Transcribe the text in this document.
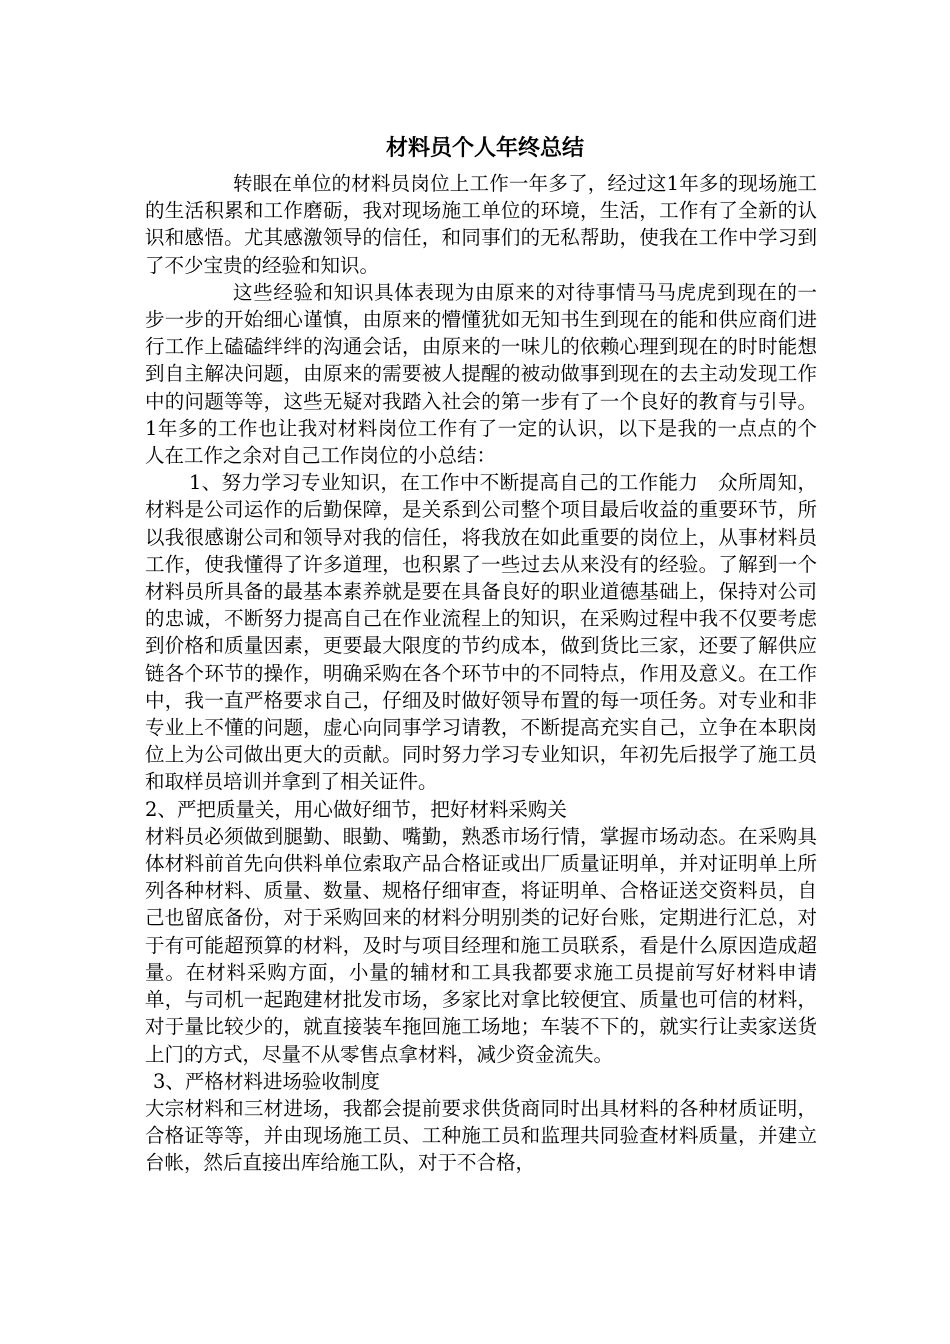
材料员个人年终总结

转眼在单位的材料员岗位上工作一年多了，经过这1年多的现场施工的生活积累和工作磨砺，我对现场施工单位的环境，生活，工作有了全新的认识和感悟。尤其感激领导的信任，和同事们的无私帮助，使我在工作中学习到了不少宝贵的经验和知识。

这些经验和知识具体表现为由原来的对待事情马马虎虎到现在的一步一步的开始细心谨慎，由原来的懵懂犹如无知书生到现在的能和供应商们进行工作上磕磕绊绊的沟通会话，由原来的一味儿的依赖心理到现在的时时能想到自主解决问题，由原来的需要被人提醒的被动做事到现在的去主动发现工作中的问题等等，这些无疑对我踏入社会的第一步有了一个良好的教育与引导。1年多的工作也让我对材料岗位工作有了一定的认识，以下是我的一点点的个人在工作之余对自己工作岗位的小总结：

1、努力学习专业知识，在工作中不断提高自己的工作能力　众所周知，材料是公司运作的后勤保障，是关系到公司整个项目最后收益的重要环节，所以我很感谢公司和领导对我的信任，将我放在如此重要的岗位上，从事材料员工作，使我懂得了许多道理，也积累了一些过去从来没有的经验。了解到一个材料员所具备的最基本素养就是要在具备良好的职业道德基础上，保持对公司的忠诚，不断努力提高自己在作业流程上的知识，在采购过程中我不仅要考虑到价格和质量因素，更要最大限度的节约成本，做到货比三家，还要了解供应链各个环节的操作，明确采购在各个环节中的不同特点，作用及意义。在工作中，我一直严格要求自己，仔细及时做好领导布置的每一项任务。对专业和非专业上不懂的问题，虚心向同事学习请教，不断提高充实自己，立争在本职岗位上为公司做出更大的贡献。同时努力学习专业知识，年初先后报学了施工员和取样员培训并拿到了相关证件。

2、严把质量关，用心做好细节，把好材料采购关

材料员必须做到腿勤、眼勤、嘴勤，熟悉市场行情，掌握市场动态。在采购具体材料前首先向供料单位索取产品合格证或出厂质量证明单，并对证明单上所列各种材料、质量、数量、规格仔细审查，将证明单、合格证送交资料员，自己也留底备份，对于采购回来的材料分明别类的记好台账，定期进行汇总，对于有可能超预算的材料，及时与项目经理和施工员联系，看是什么原因造成超量。在材料采购方面，小量的辅材和工具我都要求施工员提前写好材料申请单，与司机一起跑建材批发市场，多家比对拿比较便宜、质量也可信的材料，对于量比较少的，就直接装车拖回施工场地；车装不下的，就实行让卖家送货上门的方式，尽量不从零售点拿材料，减少资金流失。

3、严格材料进场验收制度

大宗材料和三材进场，我都会提前要求供货商同时出具材料的各种材质证明，合格证等等，并由现场施工员、工种施工员和监理共同验查材料质量，并建立台帐，然后直接出库给施工队，对于不合格，
